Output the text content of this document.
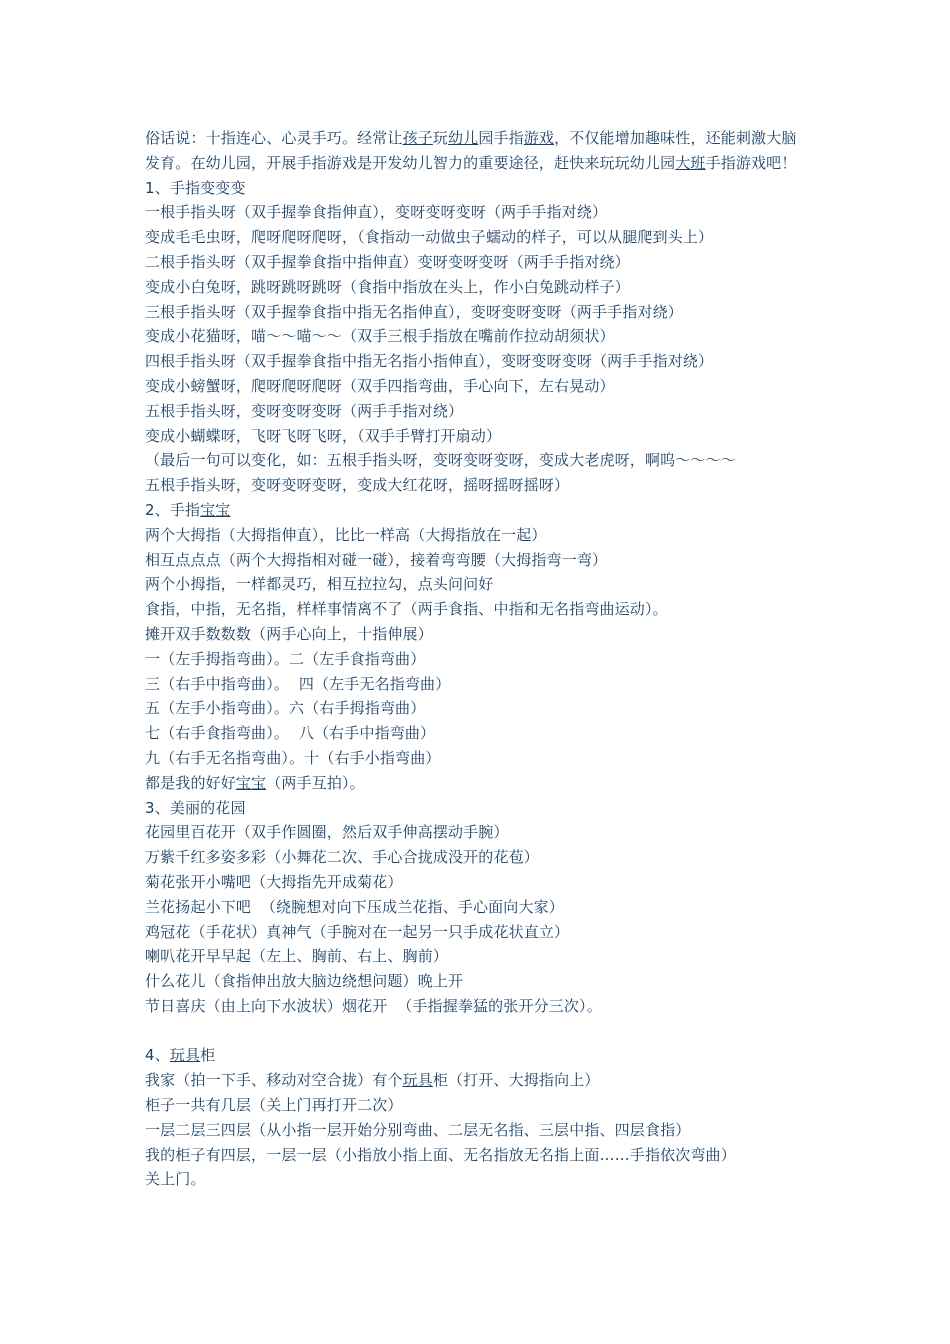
俗话说：十指连心、心灵手巧。经常让孩子玩幼儿园手指游戏，不仅能增加趣味性，还能刺激大脑发育。在幼儿园，开展手指游戏是开发幼儿智力的重要途径，赶快来玩玩幼儿园大班手指游戏吧！
1、手指变变变
一根手指头呀（双手握拳食指伸直），变呀变呀变呀（两手手指对绕）
变成毛毛虫呀，爬呀爬呀爬呀，（食指动一动做虫子蠕动的样子，可以从腿爬到头上）
二根手指头呀（双手握拳食指中指伸直）变呀变呀变呀（两手手指对绕）
变成小白兔呀，跳呀跳呀跳呀（食指中指放在头上，作小白兔跳动样子）
三根手指头呀（双手握拳食指中指无名指伸直），变呀变呀变呀（两手手指对绕）
变成小花猫呀，喵～～喵～～（双手三根手指放在嘴前作拉动胡须状）
四根手指头呀（双手握拳食指中指无名指小指伸直），变呀变呀变呀（两手手指对绕）
变成小螃蟹呀，爬呀爬呀爬呀（双手四指弯曲，手心向下，左右晃动）
五根手指头呀，变呀变呀变呀（两手手指对绕）
变成小蝴蝶呀，飞呀飞呀飞呀，（双手手臂打开扇动）
（最后一句可以变化，如：五根手指头呀，变呀变呀变呀，变成大老虎呀，啊呜～～～～
五根手指头呀，变呀变呀变呀，变成大红花呀，摇呀摇呀摇呀）
2、手指宝宝
两个大拇指（大拇指伸直），比比一样高（大拇指放在一起）
相互点点点（两个大拇指相对碰一碰），接着弯弯腰（大拇指弯一弯）
两个小拇指，一样都灵巧，相互拉拉勾，点头问问好
食指，中指，无名指，样样事情离不了（两手食指、中指和无名指弯曲运动）。
摊开双手数数数（两手心向上，十指伸展）
一（左手拇指弯曲）。二（左手食指弯曲）
三（右手中指弯曲）。  四（左手无名指弯曲）
五（左手小指弯曲）。六（右手拇指弯曲）
七（右手食指弯曲）。  八（右手中指弯曲）
九（右手无名指弯曲）。十（右手小指弯曲）
都是我的好好宝宝（两手互拍）。
3、美丽的花园
花园里百花开（双手作圆圈，然后双手伸高摆动手腕）
万紫千红多姿多彩（小舞花二次、手心合拢成没开的花苞）
菊花张开小嘴吧（大拇指先开成菊花）
兰花扬起小下吧  （绕腕想对向下压成兰花指、手心面向大家）
鸡冠花（手花状）真神气（手腕对在一起另一只手成花状直立）
喇叭花开早早起（左上、胸前、右上、胸前）
什么花儿（食指伸出放大脑边绕想问题）晚上开
节日喜庆（由上向下水波状）烟花开  （手指握拳猛的张开分三次）。
4、玩具柜
我家（拍一下手、移动对空合拢）有个玩具柜（打开、大拇指向上）
柜子一共有几层（关上门再打开二次）
一层二层三四层（从小指一层开始分别弯曲、二层无名指、三层中指、四层食指）
我的柜子有四层，一层一层（小指放小指上面、无名指放无名指上面……手指依次弯曲）
关上门。
